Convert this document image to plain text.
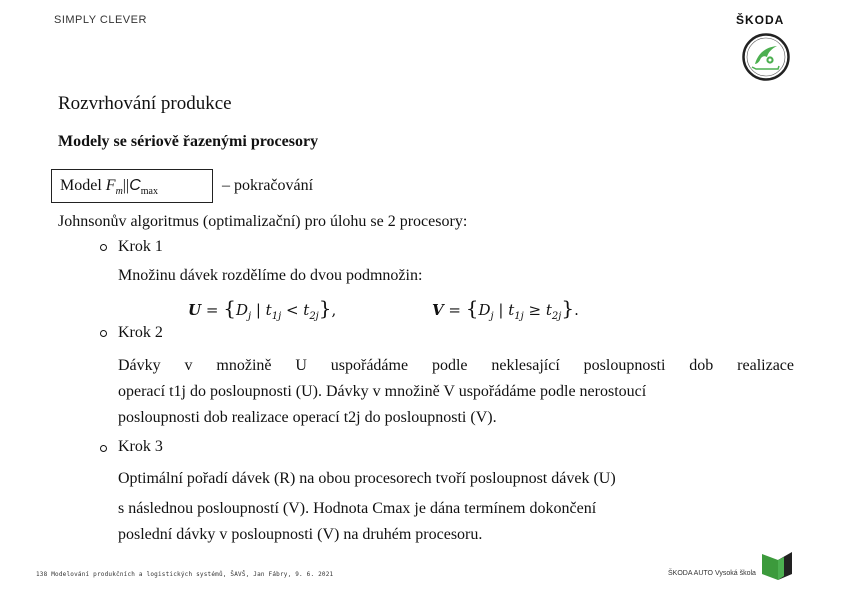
SIMPLY CLEVER	ŠKODA
Rozvrhování produkce
Modely se sériově řazenými procesory
Model $F_m||C_{max}$	– pokračování
Johnsonův algoritmus (optimalizační) pro úlohu se 2 procesory:
Krok 1
Množinu dávek rozdělíme do dvou podmnožin:
$U = \{D_j$ | $t_{1j} < t_{2j}$},	$V = \{D_j$ | $t_{1j} \ge t_{2j}$}.
Krok 2
Dávky v množině U uspořádáme podle neklesající posloupnosti dob realizace
operací t1j do posloupnosti (U). Dávky v množině V uspořádáme podle nerostoucí
posloupnosti dob realizace operací t2j do posloupnosti (V).
Krok 3
Optimální pořadí dávek (R) na obou procesorech tvoří posloupnost dávek (U)
s následnou posloupností (V). Hodnota Cmax je dána termínem dokončení
poslední dávky v posloupnosti (V) na druhém procesoru.
138 Modelování produkčních a logistických systémů, ŠAVŠ, Jan Fábry, 9. 6. 2021	ŠKODA AUTO Vysoká škola
